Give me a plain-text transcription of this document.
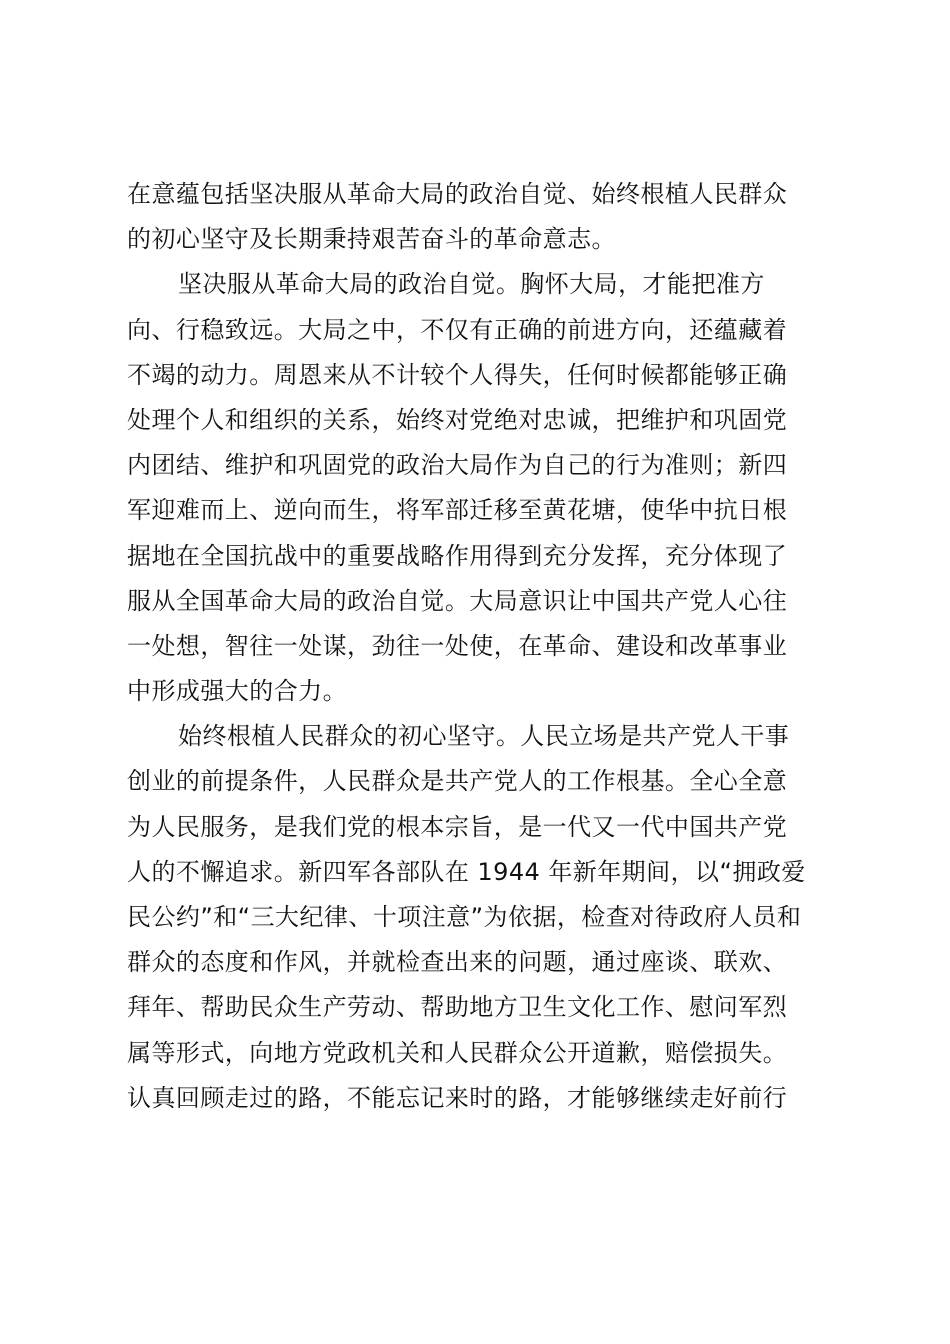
在意蕴包括坚决服从革命大局的政治自觉、始终根植人民群众
的初心坚守及长期秉持艰苦奋斗的革命意志。
坚决服从革命大局的政治自觉。胸怀大局，才能把准方
向、行稳致远。大局之中，不仅有正确的前进方向，还蕴藏着
不竭的动力。周恩来从不计较个人得失，任何时候都能够正确
处理个人和组织的关系，始终对党绝对忠诚，把维护和巩固党
内团结、维护和巩固党的政治大局作为自己的行为准则；新四
军迎难而上、逆向而生，将军部迁移至黄花塘，使华中抗日根
据地在全国抗战中的重要战略作用得到充分发挥，充分体现了
服从全国革命大局的政治自觉。大局意识让中国共产党人心往
一处想，智往一处谋，劲往一处使，在革命、建设和改革事业
中形成强大的合力。
始终根植人民群众的初心坚守。人民立场是共产党人干事
创业的前提条件，人民群众是共产党人的工作根基。全心全意
为人民服务，是我们党的根本宗旨，是一代又一代中国共产党
人的不懈追求。新四军各部队在 1944 年新年期间，以“拥政爱
民公约”和“三大纪律、十项注意”为依据，检查对待政府人员和
群众的态度和作风，并就检查出来的问题，通过座谈、联欢、
拜年、帮助民众生产劳动、帮助地方卫生文化工作、慰问军烈
属等形式，向地方党政机关和人民群众公开道歉，赔偿损失。
认真回顾走过的路，不能忘记来时的路，才能够继续走好前行
